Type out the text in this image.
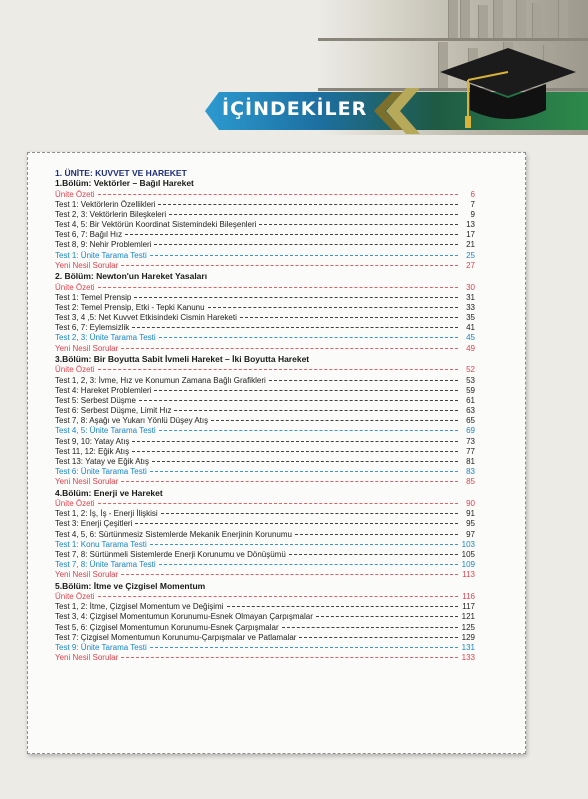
İÇİNDEKİLER
1. ÜNİTE: KUVVET VE HAREKET
1.Bölüm: Vektörler – Bağıl Hareket
Ünite Özeti	6
Test 1: Vektörlerin Özellikleri	7
Test 2, 3: Vektörlerin Bileşkeleri	9
Test 4, 5: Bir Vektörün Koordinat Sistemindeki Bileşenleri	13
Test 6, 7: Bağıl Hız	17
Test 8, 9: Nehir Problemleri	21
Test 1: Ünite Tarama Testi	25
Yeni Nesil Sorular	27
2. Bölüm: Newton'un Hareket Yasaları
Ünite Özeti	30
Test 1: Temel Prensip	31
Test 2: Temel Prensip, Etki - Tepki Kanunu	33
Test 3, 4 ,5: Net Kuvvet Etkisindeki Cismin Hareketi	35
Test 6, 7: Eylemsizlik	41
Test 2, 3: Ünite Tarama Testi	45
Yeni Nesil Sorular	49
3.Bölüm: Bir Boyutta Sabit İvmeli Hareket – İki Boyutta Hareket
Ünite Özeti	52
Test 1, 2, 3: İvme, Hız ve Konumun Zamana Bağlı Grafikleri	53
Test 4: Hareket Problemleri	59
Test 5: Serbest Düşme	61
Test 6: Serbest Düşme, Limit Hız	63
Test 7, 8: Aşağı ve Yukarı Yönlü Düşey Atış	65
Test 4, 5: Ünite Tarama Testi	69
Test 9, 10: Yatay Atış	73
Test 11, 12: Eğik Atış	77
Test 13: Yatay ve Eğik Atış	81
Test 6: Ünite Tarama Testi	83
Yeni Nesil Sorular	85
4.Bölüm: Enerji ve Hareket
Ünite Özeti	90
Test 1, 2: İş, İş - Enerji İlişkisi	91
Test 3: Enerji Çeşitleri	95
Test 4, 5, 6: Sürtünmesiz Sistemlerde Mekanik Enerjinin Korunumu	97
Test 1: Konu Tarama Testi	103
Test 7, 8: Sürtünmeli Sistemlerde Enerji Korunumu ve Dönüşümü	105
Test 7, 8: Ünite Tarama Testi	109
Yeni Nesil Sorular	113
5.Bölüm: İtme ve Çizgisel Momentum
Ünite Özeti	116
Test 1, 2: İtme, Çizgisel Momentum ve Değişimi	117
Test 3, 4: Çizgisel Momentumun Korunumu-Esnek Olmayan Çarpışmalar	121
Test 5, 6: Çizgisel Momentumun Korunumu-Esnek Çarpışmalar	125
Test 7: Çizgisel Momentumun Korunumu-Çarpışmalar ve Patlamalar	129
Test 9: Ünite Tarama Testi	131
Yeni Nesil Sorular	133
